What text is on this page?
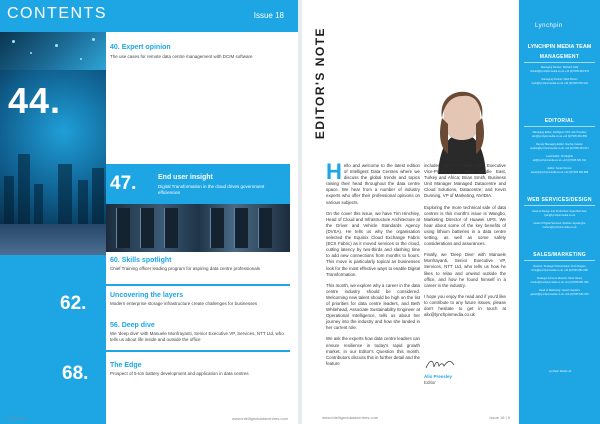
CONTENTS	Issue 18
44.
Feature
Go easy and get there – Network automation helps you the way ahead
40. Expert opinion
The use cases for remote data centre management with DCIM software
47.	End user insight
Digital Transformation in the cloud drives government efficiencies
51. Intelligent technologies
60. Skills spotlight
Chief Training officer leading program for aspiring data centre professionals
62.	Uncovering the layers
Modern enterprise storage infrastructure create challenges for businesses
56. Deep dive
We 'deep dive' with Manuele Monfrayanti, Senior Executive VP, Services, NTT Ltd, who tells us about life inside and outside the office
68.	The Edge
Prospect of 5-ton battery development and application in data centres
4 | Issue 18	www.intelligentdatacentres.com
EDITOR'S NOTE

Hello and welcome to the latest edition of Intelligent Data Centres where we discuss the global trends and topics raising their head throughout the data centre space. We hear from a number of industry experts who offer their professional opinions on various subjects.

On the cover this issue, we have Tim Hinchley, Head of Cloud and Infrastructure Architecture at the Driver and Vehicle Standards Agency (DVSA). He tells us why the organisation selected the Equinix Cloud Exchange Fabric (ECX Fabric) as it moved services to the cloud, cutting latency by two-thirds and slashing time to add new connections from months to hours. This move is particularly topical as businesses look for the most effective ways to enable Digital Transformation.

This month, we explore why a career in the data centre industry should be considered. Welcoming new talent should be high on the list of priorities for data centre leaders, and Beth Whitehead, Associate Sustainability Engineer at Operational Intelligence, tells us about her journey into the industry and how she landed in her current role.

We ask the experts how data centre leaders can ensure resilience in today's rapid growth market, in our Editor's Question this month. Contributors discuss this in further detail and the feature

includes input from Nabil Khalil, Executive Vice-President of R&M Middle East, Turkey and Africa; Brian Smith, Business Unit Manager Managed Datacentre and Cloud Solutions, Datacentre; and Kevin Dunning, VP of Marketing, NVIDIA.

Exploring the more technical side of data centres is this month's issue is Wangbo, Marketing Director of Huawei UPS. We hear about some of the key benefits of using lithium batteries in a data centre setting, as well as some safety considerations and assurances.

Finally, we 'Deep Dive' with Manuele Monfrayanti, Senior Executive VP, Services, NTT Ltd, who tells us how he likes to relax and unwind outside the office, and how he found himself in a career in the industry.

I hope you enjoy the read and if you'd like to contribute to any future issues, please don't hesitate to get in touch at alix@lynchpinmedia.co.uk

Alix Pressley
Editor
Lynchpin
LYNCHPIN MEDIA TEAM
MANAGEMENT
Managing Partner: Richard Judd
richard@lynchpinmedia.co.uk +44 (0)7935 681 879
Managing Partner: Mark Brown
mark@lynchpinmedia.co.uk +44 (0)7935 681 932
EDITORIAL
Managing Editor, Intelligent CXO: Alix Pressley
alix@lynchpinmedia.co.uk +44 (0)7935 681 883
Deputy Managing Editor: Sophie Casson
sophie@lynchpinmedia.co.uk +44 (0)7935 681 817
Lead Editor: Ali Mughal
ali@lynchpinmedia.co.uk +44 (0)7935 681 811
Editor: Sarah Simms
sarah@lynchpinmedia.co.uk +44 (0)7935 681 808
WEB SERVICES/DESIGN
Head of Design and Production: Ryan Barnham
ryan@lynchpinmedia.co.uk
Head of Digital Services: Roshan Jayasinghe
roshan@lynchpinmedia.co.uk
SALES/MARKETING
Director, Strategic Partnerships: Chris Rogers
chris@lynchpinmedia.co.uk +44 (0)7935 681 808
Strategic Account Director: Mark Cleary
markc@lynchpinmedia.co.uk +44 (0)7935 681 825
Head of Marketing: Gareth Sanders
gareth@lynchpinmedia.co.uk +44 (0)7935 681 819
Lynchpin Media Ltd
www.intelligentdatacentres.com	Issue 18 | 5
